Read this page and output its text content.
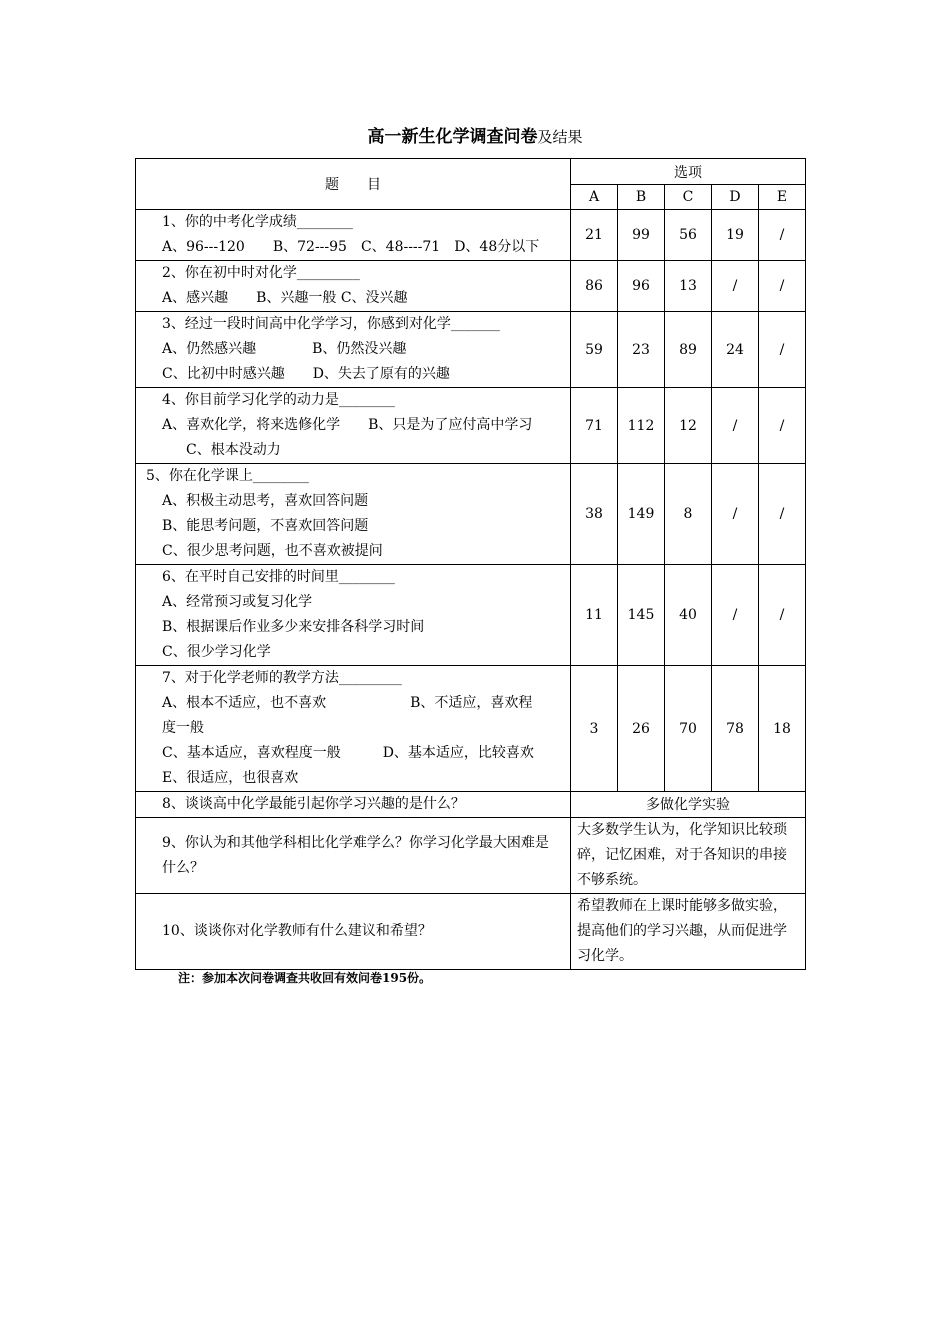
高一新生化学调查问卷及结果
题　　目	选项				
	A	B	C	D	E

1、你的中考化学成绩________
A、96---120　　B、72---95　C、48----71　D、48分以下	21	99	56	19	/

2、你在初中时对化学_________
A、感兴趣　　B、兴趣一般 C、没兴趣	86	96	13	/	/

3、经过一段时间高中化学学习，你感到对化学_______
A、仍然感兴趣　　　　B、仍然没兴趣
C、比初中时感兴趣　　D、失去了原有的兴趣	59	23	89	24	/

4、你目前学习化学的动力是________
A、喜欢化学，将来选修化学　　B、只是为了应付高中学习
C、根本没动力	71	112	12	/	/

5、你在化学课上________
A、积极主动思考，喜欢回答问题
B、能思考问题，不喜欢回答问题
C、很少思考问题，也不喜欢被提问	38	149	8	/	/

6、在平时自己安排的时间里________
A、经常预习或复习化学
B、根据课后作业多少来安排各科学习时间
C、很少学习化学	11	145	40	/	/

7、对于化学老师的教学方法_________
A、根本不适应，也不喜欢　　　　　　B、不适应，喜欢程
度一般
C、基本适应，喜欢程度一般　　　D、基本适应，比较喜欢
E、很适应，也很喜欢	3	26	70	78	18

8、谈谈高中化学最能引起你学习兴趣的是什么？	多做化学实验				

9、你认为和其他学科相比化学难学么？你学习化学最大困难是什么？	大多数学生认为，化学知识比较琐碎，记忆困难，对于各知识的串接不够系统。				

10、谈谈你对化学教师有什么建议和希望？	希望教师在上课时能够多做实验，提高他们的学习兴趣，从而促进学习化学。				
注：参加本次问卷调查共收回有效问卷195份。
